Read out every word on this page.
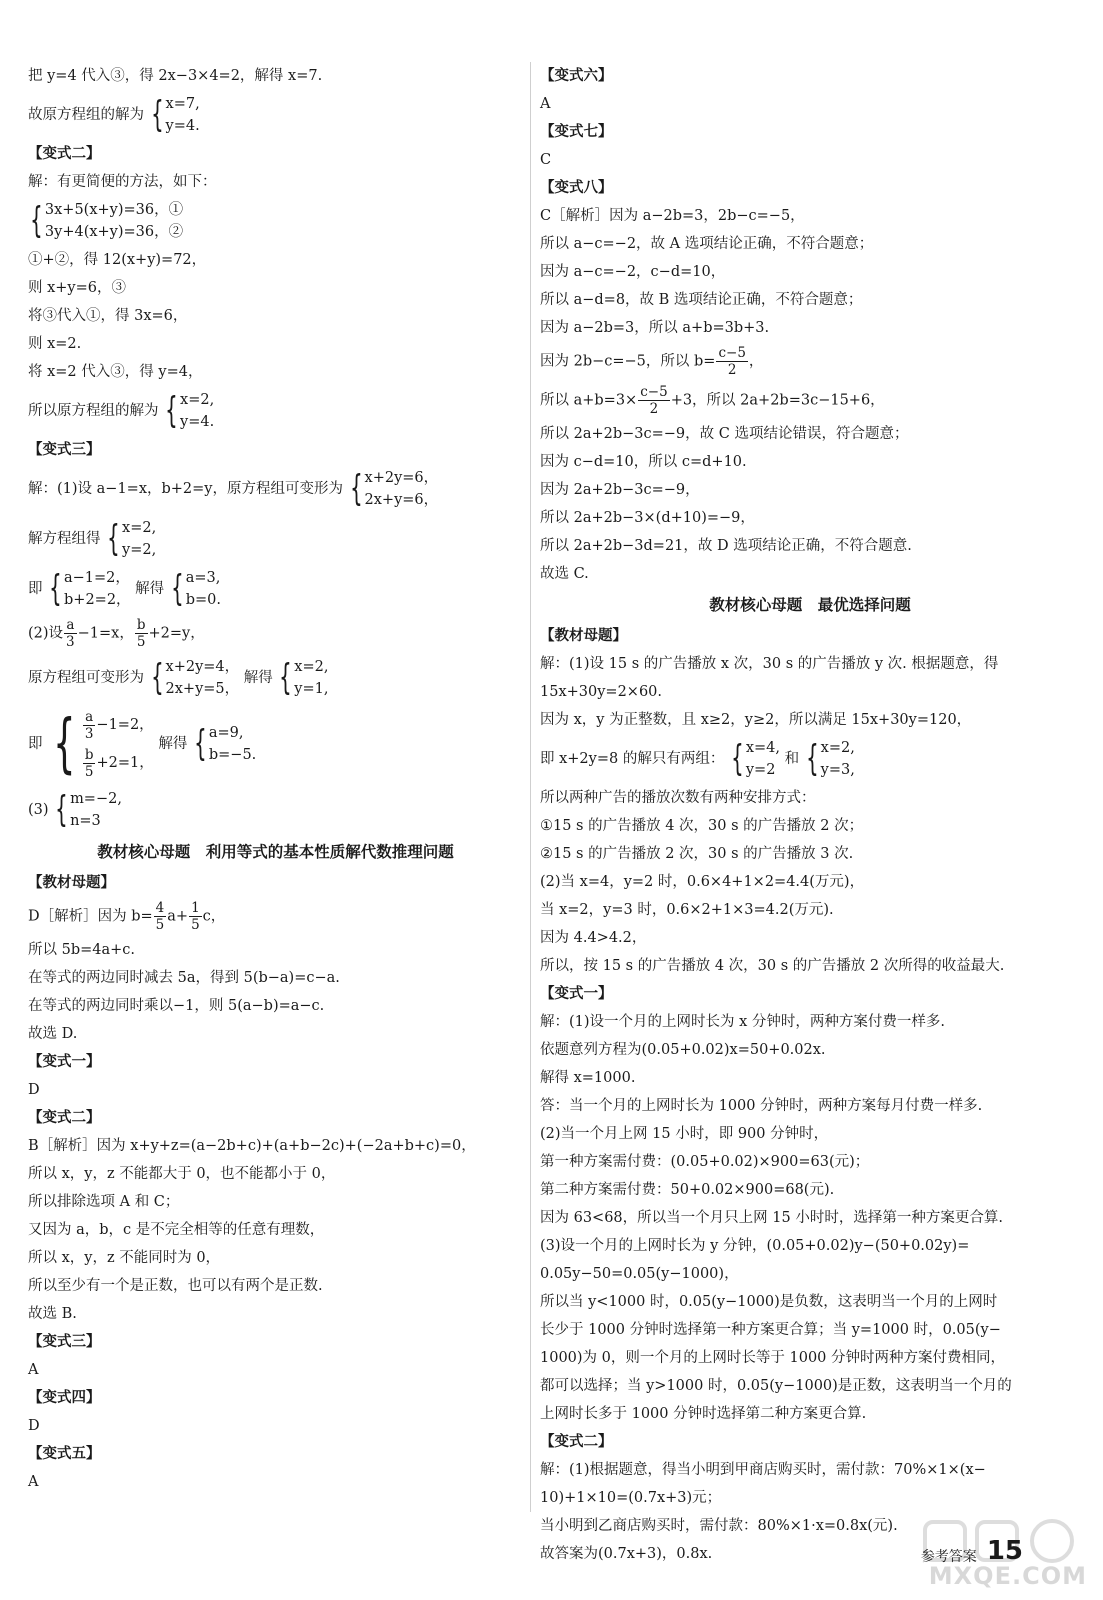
把 y=4 代入③，得 2x−3×4=2，解得 x=7.
故原方程组的解为 { x=7,
y=4.
【变式二】
解：有更简便的方法，如下：
{ 3x+5(x+y)=36，①
3y+4(x+y)=36，②
①+②，得 12(x+y)=72，
则 x+y=6，③
将③代入①，得 3x=6，
则 x=2.
将 x=2 代入③，得 y=4，
所以原方程组的解为 { x=2,
y=4.
【变式三】
解：(1)设 a−1=x，b+2=y，原方程组可变形为 { x+2y=6，
2x+y=6，
解方程组得 { x=2,
y=2,
即 { a−1=2，
b+2=2，
解得 { a=3,
b=0.
(2)设 $\frac{a}{3} -1=x$， $\frac{b}{5} +2=y$，
原方程组可变形为 { x+2y=4，
2x+y=5，
解得 { x=2,
y=1,
即 { $\frac{a}{3} -1=2$，
$\frac{b}{5} +2=1$，
解得 { a=9,
b=−5.
(3) { m=−2,
n=3
教材核心母题　利用等式的基本性质解代数推理问题
【教材母题】
D［解析］因为 $b= \frac{4}{5} a+ \frac{1}{5}$ c，
所以 5b=4a+c.
在等式的两边同时减去 5a，得到 5(b−a)=c−a.
在等式的两边同时乘以−1，则 5(a−b)=a−c.
故选 D.
【变式一】
D
【变式二】
B［解析］因为 x+y+z=(a−2b+c)+(a+b−2c)+(−2a+b+c)=0，
所以 x，y，z 不能都大于 0，也不能都小于 0，
所以排除选项 A 和 C；
又因为 a，b，c 是不完全相等的任意有理数，
所以 x，y，z 不能同时为 0，
所以至少有一个是正数，也可以有两个是正数.
故选 B.
【变式三】
A
【变式四】
D
【变式五】
A
【变式六】
A
【变式七】
C
【变式八】
C［解析］因为 a−2b=3，2b−c=−5，
所以 a−c=−2，故 A 选项结论正确，不符合题意；
因为 a−c=−2，c−d=10，
所以 a−d=8，故 B 选项结论正确，不符合题意；
因为 a−2b=3，所以 a+b=3b+3.
因为 2b−c=−5，所以 $b= \frac{c-5}{2}$ ，
所以 $a+b=3\times \frac{c-5}{2} +3$，所以 2a+2b=3c−15+6，
所以 2a+2b−3c=−9，故 C 选项结论错误，符合题意；
因为 c−d=10，所以 c=d+10.
因为 2a+2b−3c=−9，
所以 2a+2b−3×(d+10)=−9，
所以 2a+2b−3d=21，故 D 选项结论正确，不符合题意.
故选 C.
教材核心母题　最优选择问题
【教材母题】
解：(1)设 15 s 的广告播放 x 次，30 s 的广告播放 y 次. 根据题意，得
15x+30y=2×60.
因为 x，y 为正整数，且 x≥2，y≥2，所以满足 15x+30y=120，
即 x+2y=8 的解只有两组： { x=4,
y=2
和 { x=2,
y=3,
所以两种广告的播放次数有两种安排方式：
①15 s 的广告播放 4 次，30 s 的广告播放 2 次；
②15 s 的广告播放 2 次，30 s 的广告播放 3 次.
(2)当 x=4，y=2 时，0.6×4+1×2=4.4(万元)，
当 x=2，y=3 时，0.6×2+1×3=4.2(万元).
因为 4.4>4.2，
所以，按 15 s 的广告播放 4 次，30 s 的广告播放 2 次所得的收益最大.
【变式一】
解：(1)设一个月的上网时长为 x 分钟时，两种方案付费一样多.
依题意列方程为(0.05+0.02)x=50+0.02x.
解得 x=1000.
答：当一个月的上网时长为 1000 分钟时，两种方案每月付费一样多.
(2)当一个月上网 15 小时，即 900 分钟时，
第一种方案需付费：(0.05+0.02)×900=63(元)；
第二种方案需付费：50+0.02×900=68(元).
因为 63<68，所以当一个月只上网 15 小时时，选择第一种方案更合算.
(3)设一个月的上网时长为 y 分钟，(0.05+0.02)y−(50+0.02y)=
0.05y−50=0.05(y−1000)，
所以当 y<1000 时，0.05(y−1000)是负数，这表明当一个月的上网时
长少于 1000 分钟时选择第一种方案更合算；当 y=1000 时，0.05(y−
1000)为 0，则一个月的上网时长等于 1000 分钟时两种方案付费相同，
都可以选择；当 y>1000 时，0.05(y−1000)是正数，这表明当一个月的
上网时长多于 1000 分钟时选择第二种方案更合算.
【变式二】
解：(1)根据题意，得当小明到甲商店购买时，需付款：70%×1×(x−
10)+1×10=(0.7x+3)元；
当小明到乙商店购买时，需付款：80%×1·x=0.8x(元).
故答案为(0.7x+3)，0.8x.
MXQE.COM
参考答案 15
